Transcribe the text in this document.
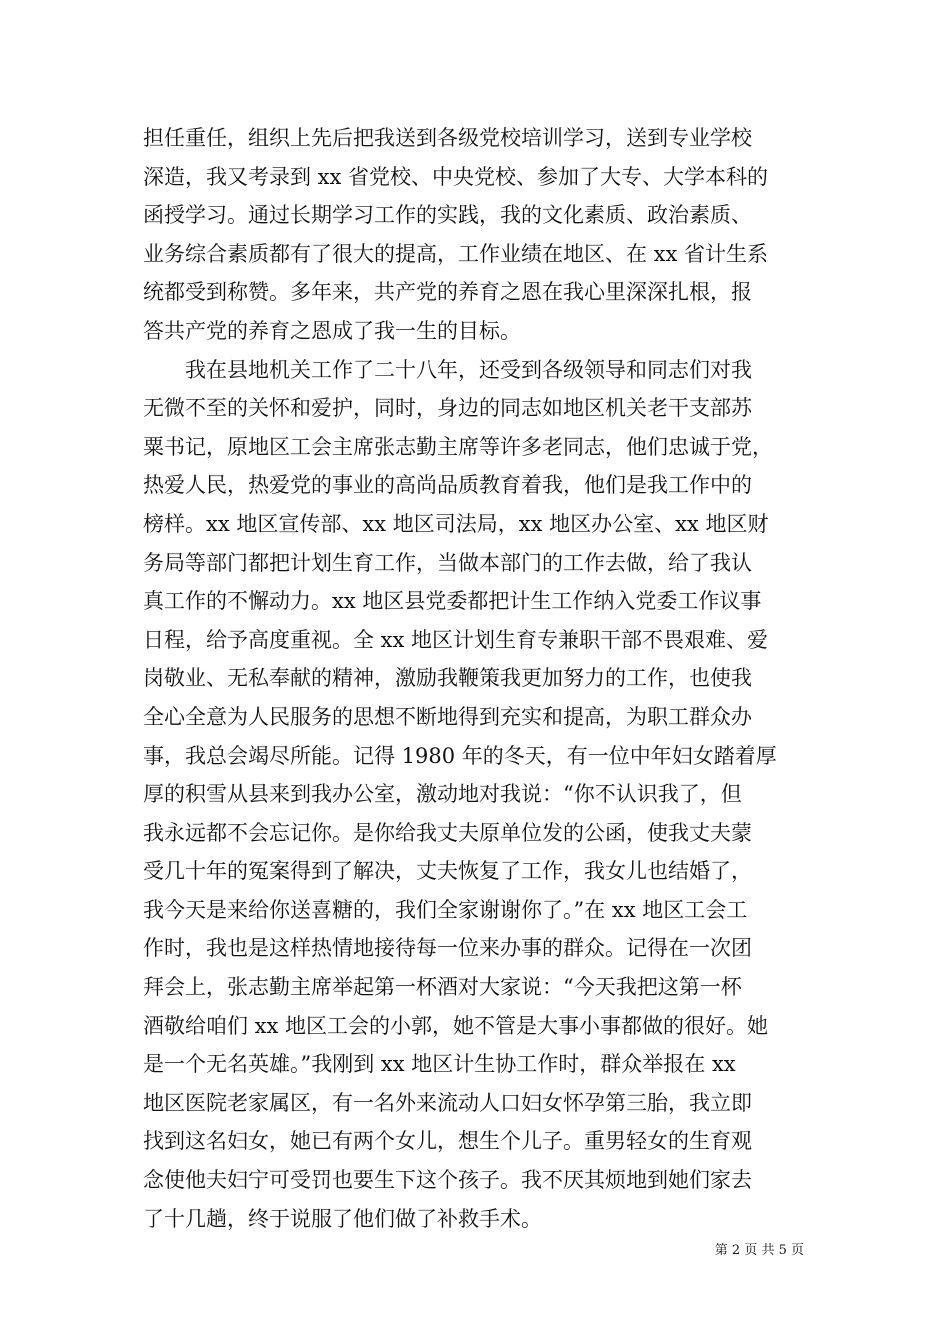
担任重任，组织上先后把我送到各级党校培训学习，送到专业学校
深造，我又考录到 xx 省党校、中央党校、参加了大专、大学本科的
函授学习。通过长期学习工作的实践，我的文化素质、政治素质、
业务综合素质都有了很大的提高，工作业绩在地区、在 xx 省计生系
统都受到称赞。多年来，共产党的养育之恩在我心里深深扎根，报
答共产党的养育之恩成了我一生的目标。
我在县地机关工作了二十八年，还受到各级领导和同志们对我
无微不至的关怀和爱护，同时，身边的同志如地区机关老干支部苏
粟书记，原地区工会主席张志勤主席等许多老同志，他们忠诚于党，
热爱人民，热爱党的事业的高尚品质教育着我，他们是我工作中的
榜样。xx 地区宣传部、xx 地区司法局，xx 地区办公室、xx 地区财
务局等部门都把计划生育工作，当做本部门的工作去做，给了我认
真工作的不懈动力。xx 地区县党委都把计生工作纳入党委工作议事
日程，给予高度重视。全 xx 地区计划生育专兼职干部不畏艰难、爱
岗敬业、无私奉献的精神，激励我鞭策我更加努力的工作，也使我
全心全意为人民服务的思想不断地得到充实和提高，为职工群众办
事，我总会竭尽所能。记得 1980 年的冬天，有一位中年妇女踏着厚
厚的积雪从县来到我办公室，激动地对我说：“你不认识我了，但
我永远都不会忘记你。是你给我丈夫原单位发的公函，使我丈夫蒙
受几十年的冤案得到了解决，丈夫恢复了工作，我女儿也结婚了，
我今天是来给你送喜糖的，我们全家谢谢你了。”在 xx 地区工会工
作时，我也是这样热情地接待每一位来办事的群众。记得在一次团
拜会上，张志勤主席举起第一杯酒对大家说：“今天我把这第一杯
酒敬给咱们 xx 地区工会的小郭，她不管是大事小事都做的很好。她
是一个无名英雄。”我刚到 xx 地区计生协工作时，群众举报在 xx
地区医院老家属区，有一名外来流动人口妇女怀孕第三胎，我立即
找到这名妇女，她已有两个女儿，想生个儿子。重男轻女的生育观
念使他夫妇宁可受罚也要生下这个孩子。我不厌其烦地到她们家去
了十几趟，终于说服了他们做了补救手术。
第 2 页 共 5 页
